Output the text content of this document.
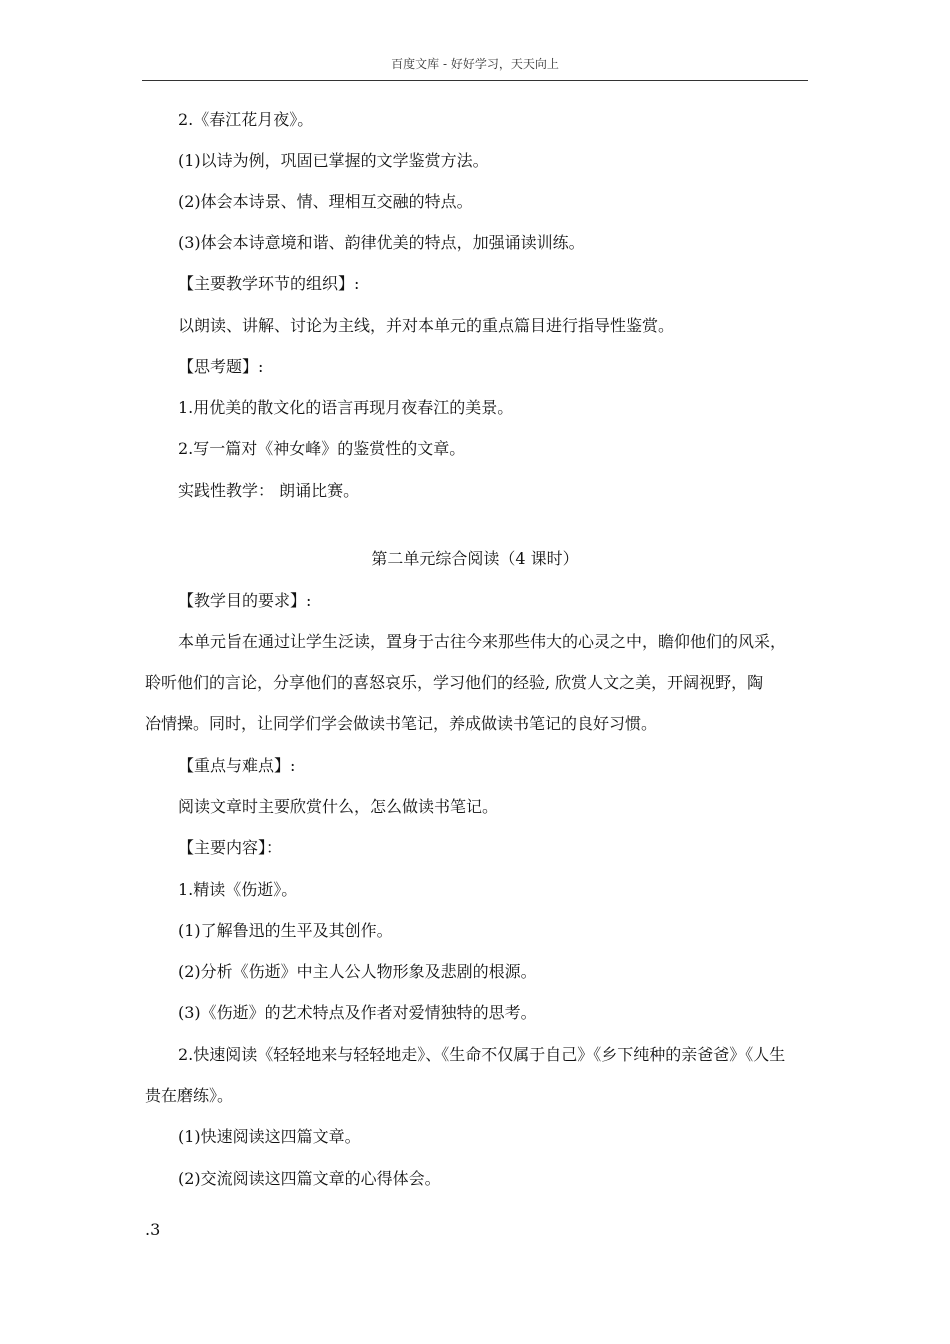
百度文库 - 好好学习，天天向上
2.《春江花月夜》。
(1)以诗为例，巩固已掌握的文学鉴赏方法。
(2)体会本诗景、情、理相互交融的特点。
(3)体会本诗意境和谐、韵律优美的特点，加强诵读训练。
【主要教学环节的组织】:
以朗读、讲解、讨论为主线，并对本单元的重点篇目进行指导性鉴赏。
【思考题】:
1.用优美的散文化的语言再现月夜春江的美景。
2.写一篇对《神女峰》的鉴赏性的文章。
实践性教学： 朗诵比赛。
第二单元综合阅读（4 课时）
【教学目的要求】:
本单元旨在通过让学生泛读，置身于古往今来那些伟大的心灵之中，瞻仰他们的风采，
聆听他们的言论，分享他们的喜怒哀乐，学习他们的经验, 欣赏人文之美，开阔视野，陶
冶情操。同时，让同学们学会做读书笔记，养成做读书笔记的良好习惯。
【重点与难点】:
阅读文章时主要欣赏什么，怎么做读书笔记。
【主要内容】：
1.精读《伤逝》。
(1)了解鲁迅的生平及其创作。
(2)分析《伤逝》中主人公人物形象及悲剧的根源。
(3)《伤逝》的艺术特点及作者对爱情独特的思考。
2.快速阅读《轻轻地来与轻轻地走》、《生命不仅属于自己》《乡下纯种的亲爸爸》《人生
贵在磨练》。
(1)快速阅读这四篇文章。
(2)交流阅读这四篇文章的心得体会。
.3
